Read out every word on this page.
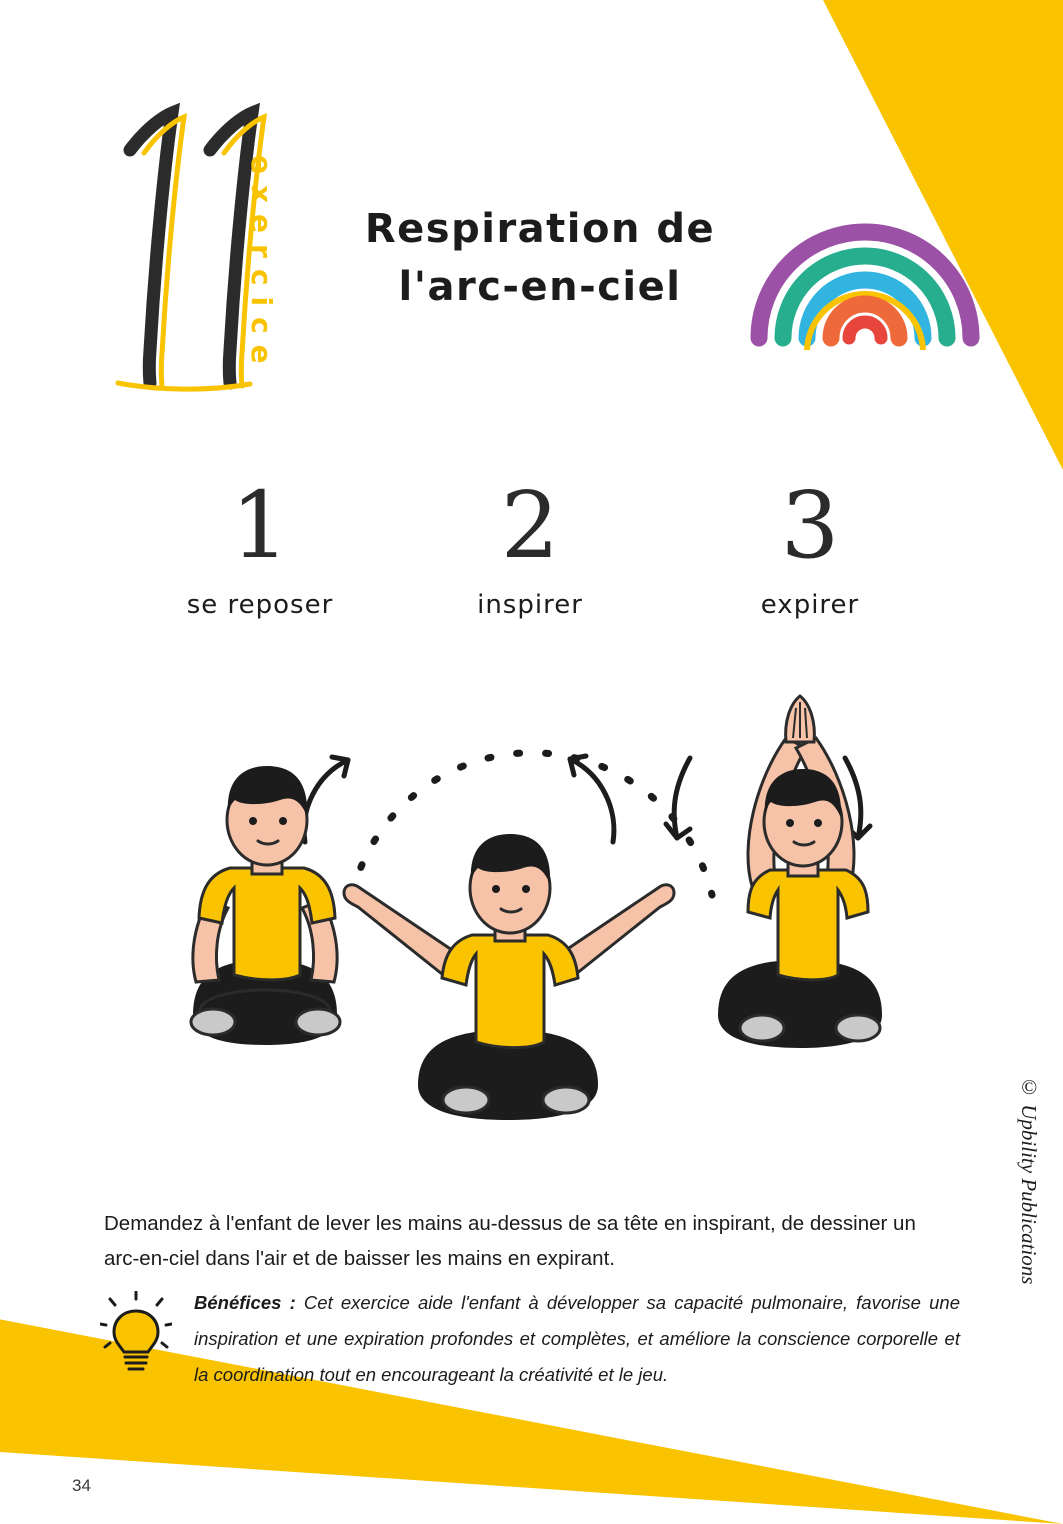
exercice Respiration de
l'arc-en-ciel
1
se reposer
2
inspirer
3
expirer

Demandez à l'enfant de lever les mains au-dessus de sa tête en inspirant, de dessiner un arc-en-ciel dans l'air et de baisser les mains en expirant.

Bénéfices : Cet exercice aide l'enfant à développer sa capacité pulmonaire, favorise une inspiration et une expiration profondes et complètes, et améliore la conscience corporelle et la coordination tout en encourageant la créativité et le jeu.
© Upbility Publications
34
